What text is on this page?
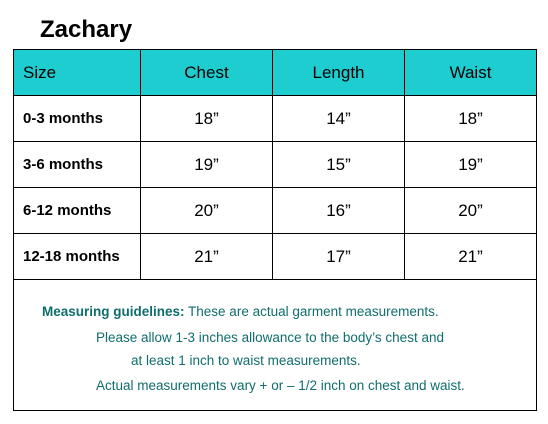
Zachary
Size	Chest	Length	Waist
0-3 months	18”	14”	18”
3-6 months	19”	15”	19”
6-12 months	20”	16”	20”
12-18 months	21”	17”	21”

Measuring guidelines: These are actual garment measurements.
Please allow 1-3 inches allowance to the body’s chest and
at least 1 inch to waist measurements.
Actual measurements vary + or – 1/2 inch on chest and waist.			
